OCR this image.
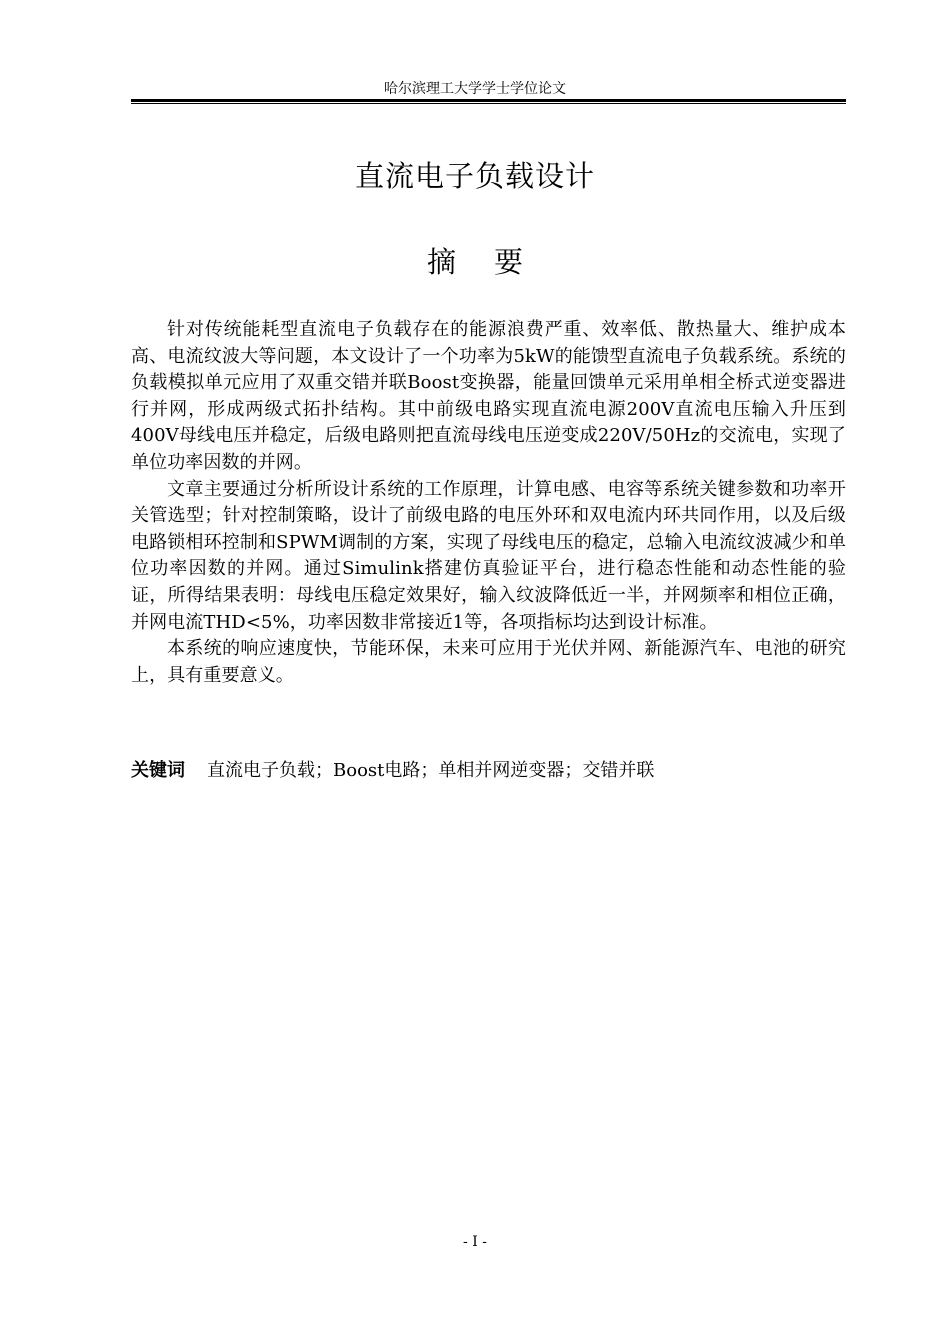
哈尔滨理工大学学士学位论文
直流电子负载设计
摘要

针对传统能耗型直流电子负载存在的能源浪费严重、效率低、散热量大、维护成本高、电流纹波大等问题，本文设计了一个功率为5kW的能馈型直流电子负载系统。系统的负载模拟单元应用了双重交错并联Boost变换器，能量回馈单元采用单相全桥式逆变器进行并网，形成两级式拓扑结构。其中前级电路实现直流电源200V直流电压输入升压到400V母线电压并稳定，后级电路则把直流母线电压逆变成220V/50Hz的交流电，实现了单位功率因数的并网。

文章主要通过分析所设计系统的工作原理，计算电感、电容等系统关键参数和功率开关管选型；针对控制策略，设计了前级电路的电压外环和双电流内环共同作用，以及后级电路锁相环控制和SPWM调制的方案，实现了母线电压的稳定，总输入电流纹波减少和单位功率因数的并网。通过Simulink搭建仿真验证平台，进行稳态性能和动态性能的验证，所得结果表明：母线电压稳定效果好，输入纹波降低近一半，并网频率和相位正确，并网电流THD<5%，功率因数非常接近1等，各项指标均达到设计标准。

本系统的响应速度快，节能环保，未来可应用于光伏并网、新能源汽车、电池的研究上，具有重要意义。

关键词 直流电子负载；Boost电路；单相并网逆变器；交错并联
- I -
